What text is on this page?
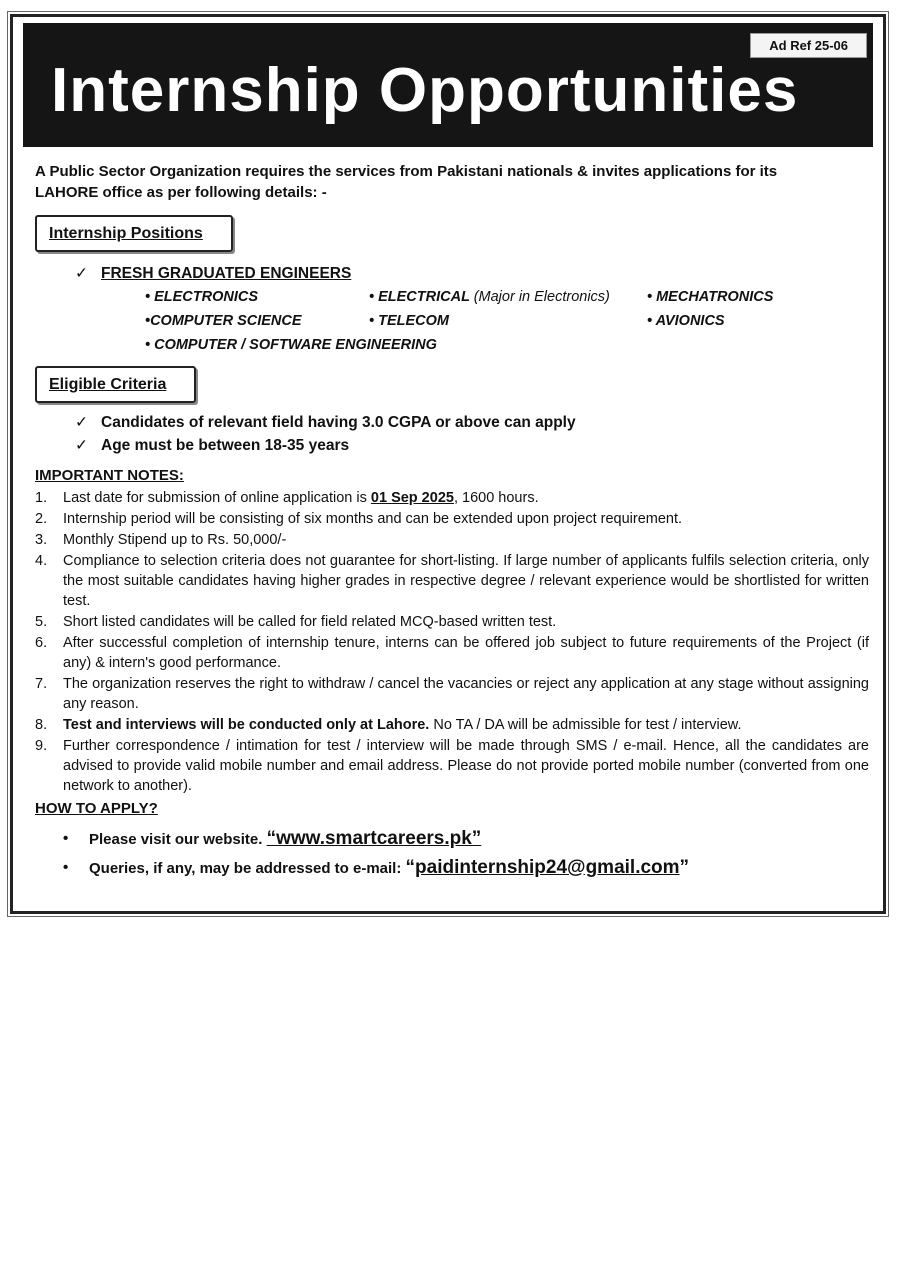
Ad Ref 25-06
Internship Opportunities

A Public Sector Organization requires the services from Pakistani nationals & invites applications for its LAHORE office as per following details: -

Internship Positions
✓ FRESH GRADUATED ENGINEERS
• ELECTRONICS	• ELECTRICAL (Major in Electronics)	• MECHATRONICS
•COMPUTER SCIENCE	• TELECOM	• AVIONICS
• COMPUTER / SOFTWARE ENGINEERING
Eligible Criteria
✓ Candidates of relevant field having 3.0 CGPA or above can apply
✓ Age must be between 18-35 years

IMPORTANT NOTES:

1. Last date for submission of online application is 01 Sep 2025, 1600 hours.
2. Internship period will be consisting of six months and can be extended upon project requirement.
3. Monthly Stipend up to Rs. 50,000/-
4. Compliance to selection criteria does not guarantee for short-listing. If large number of applicants fulfils selection criteria, only the most suitable candidates having higher grades in respective degree / relevant experience would be shortlisted for written test.
5. Short listed candidates will be called for field related MCQ-based written test.
6. After successful completion of internship tenure, interns can be offered job subject to future requirements of the Project (if any) & intern's good performance.
7. The organization reserves the right to withdraw / cancel the vacancies or reject any application at any stage without assigning any reason.
8. Test and interviews will be conducted only at Lahore. No TA / DA will be admissible for test / interview.
9. Further correspondence / intimation for test / interview will be made through SMS / e-mail. Hence, all the candidates are advised to provide valid mobile number and email address. Please do not provide ported mobile number (converted from one network to another).

HOW TO APPLY?

• Please visit our website. “www.smartcareers.pk”
• Queries, if any, may be addressed to e-mail: “paidinternship24@gmail.com”
